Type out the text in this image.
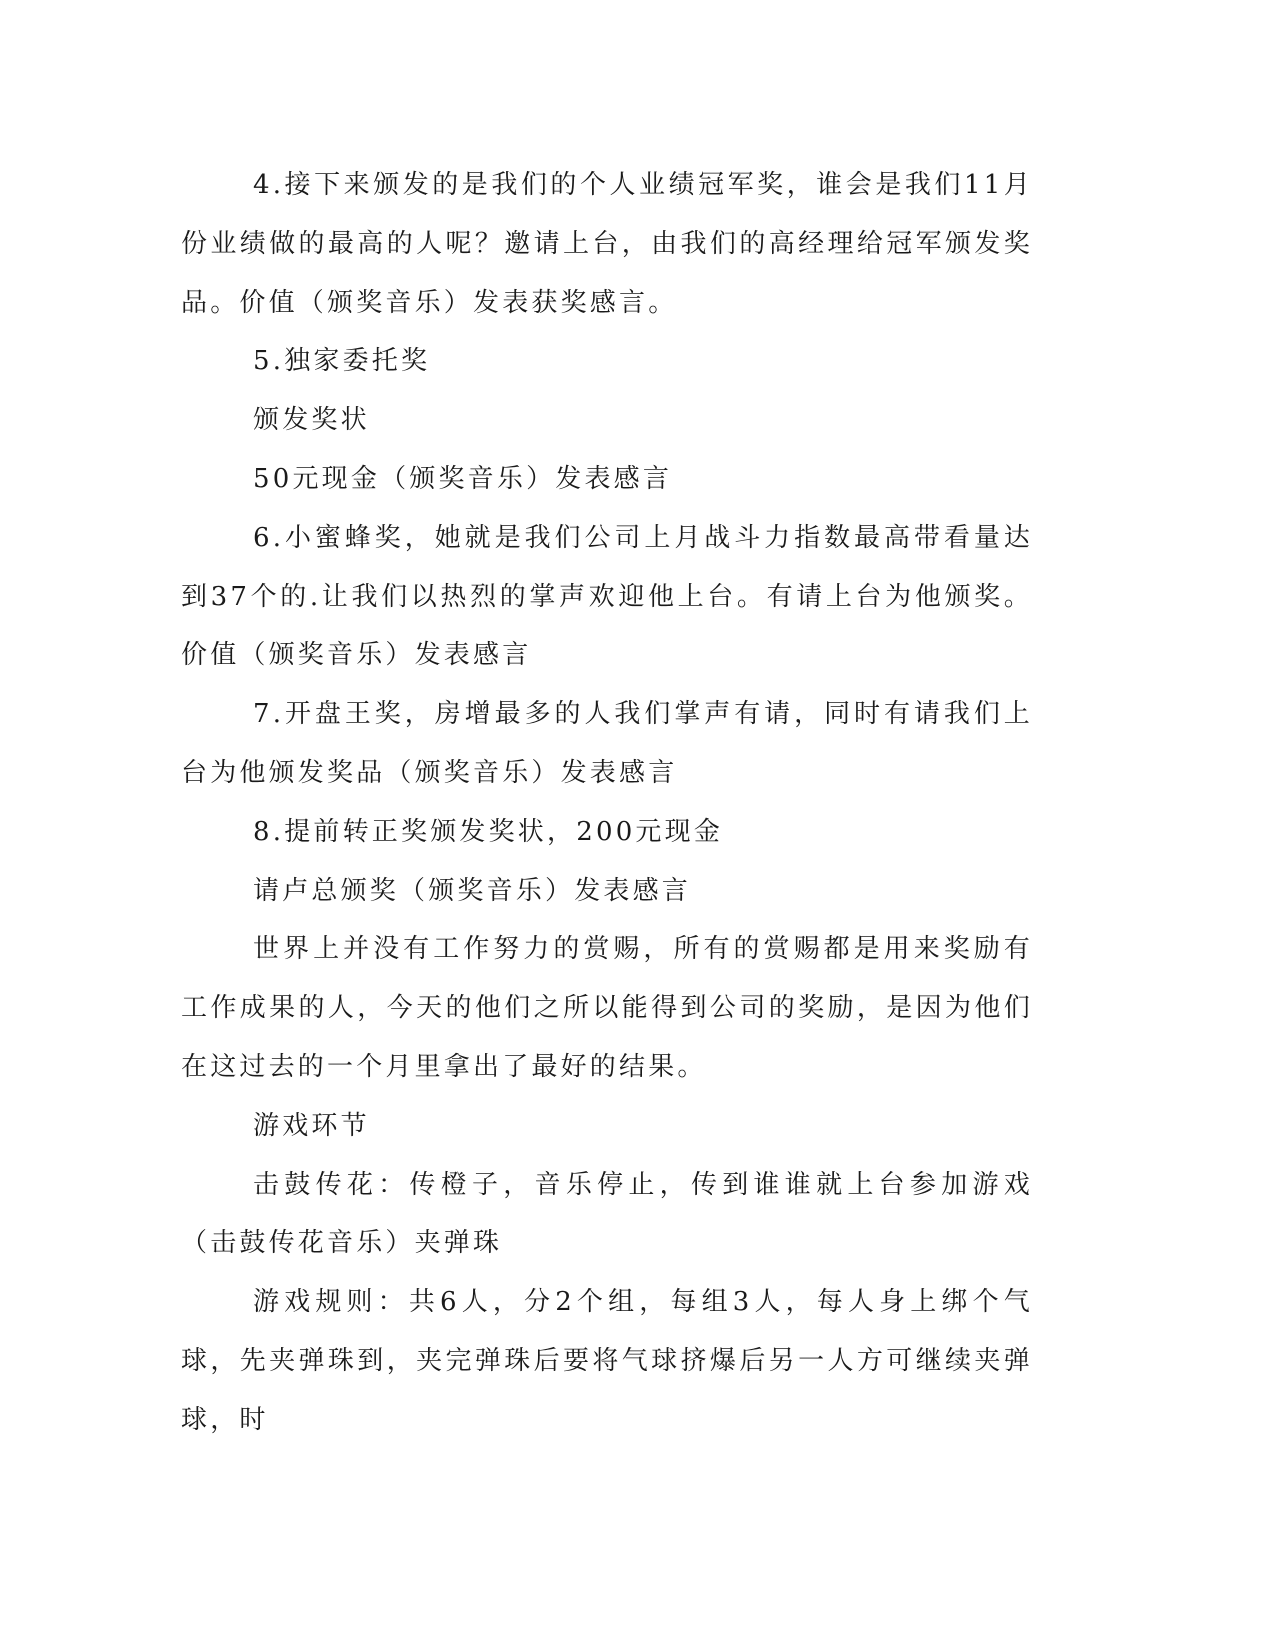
4.接下来颁发的是我们的个人业绩冠军奖，谁会是我们11月份业绩做的最高的人呢？邀请上台，由我们的高经理给冠军颁发奖品。价值（颁奖音乐）发表获奖感言。

5.独家委托奖

颁发奖状

50元现金（颁奖音乐）发表感言

6.小蜜蜂奖，她就是我们公司上月战斗力指数最高带看量达到37个的.让我们以热烈的掌声欢迎他上台。有请上台为他颁奖。价值（颁奖音乐）发表感言

7.开盘王奖，房增最多的人我们掌声有请，同时有请我们上台为他颁发奖品（颁奖音乐）发表感言

8.提前转正奖颁发奖状，200元现金

请卢总颁奖（颁奖音乐）发表感言

世界上并没有工作努力的赏赐，所有的赏赐都是用来奖励有工作成果的人，今天的他们之所以能得到公司的奖励，是因为他们在这过去的一个月里拿出了最好的结果。

游戏环节

击鼓传花：传橙子，音乐停止，传到谁谁就上台参加游戏（击鼓传花音乐）夹弹珠

游戏规则：共6人，分2个组，每组3人，每人身上绑个气球，先夹弹珠到，夹完弹珠后要将气球挤爆后另一人方可继续夹弹球，时
